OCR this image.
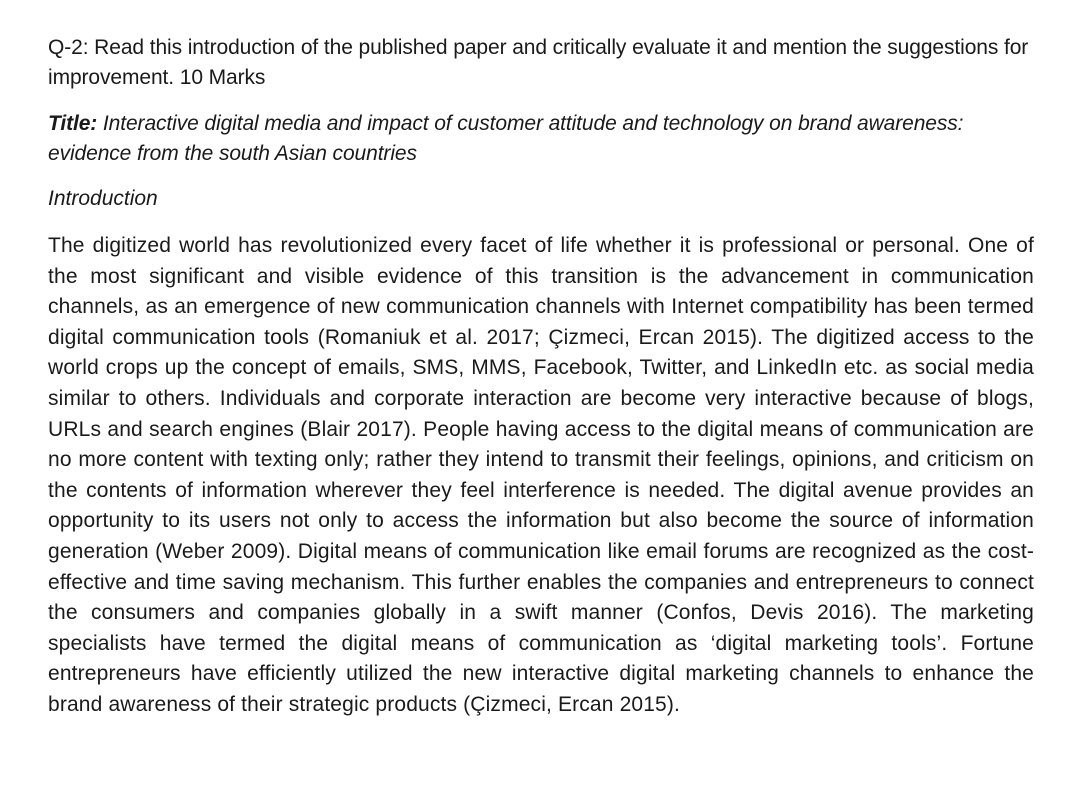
Q-2: Read this introduction of the published paper and critically evaluate it and mention the suggestions for improvement. 10 Marks

Title: Interactive digital media and impact of customer attitude and technology on brand awareness: evidence from the south Asian countries

Introduction

The digitized world has revolutionized every facet of life whether it is professional or personal. One of the most significant and visible evidence of this transition is the advancement in communication channels, as an emergence of new communication channels with Internet compatibility has been termed digital communication tools (Romaniuk et al. 2017; Çizmeci, Ercan 2015). The digitized access to the world crops up the concept of emails, SMS, MMS, Facebook, Twitter, and LinkedIn etc. as social media similar to others. Individuals and corporate interaction are become very interactive because of blogs, URLs and search engines (Blair 2017). People having access to the digital means of communication are no more content with texting only; rather they intend to transmit their feelings, opinions, and criticism on the contents of information wherever they feel interference is needed. The digital avenue provides an opportunity to its users not only to access the information but also become the source of information generation (Weber 2009). Digital means of communication like email forums are recognized as the cost-effective and time saving mechanism. This further enables the companies and entrepreneurs to connect the consumers and companies globally in a swift manner (Confos, Devis 2016). The marketing specialists have termed the digital means of communication as ‘digital marketing tools’. Fortune entrepreneurs have efficiently utilized the new interactive digital marketing channels to enhance the brand awareness of their strategic products (Çizmeci, Ercan 2015).
